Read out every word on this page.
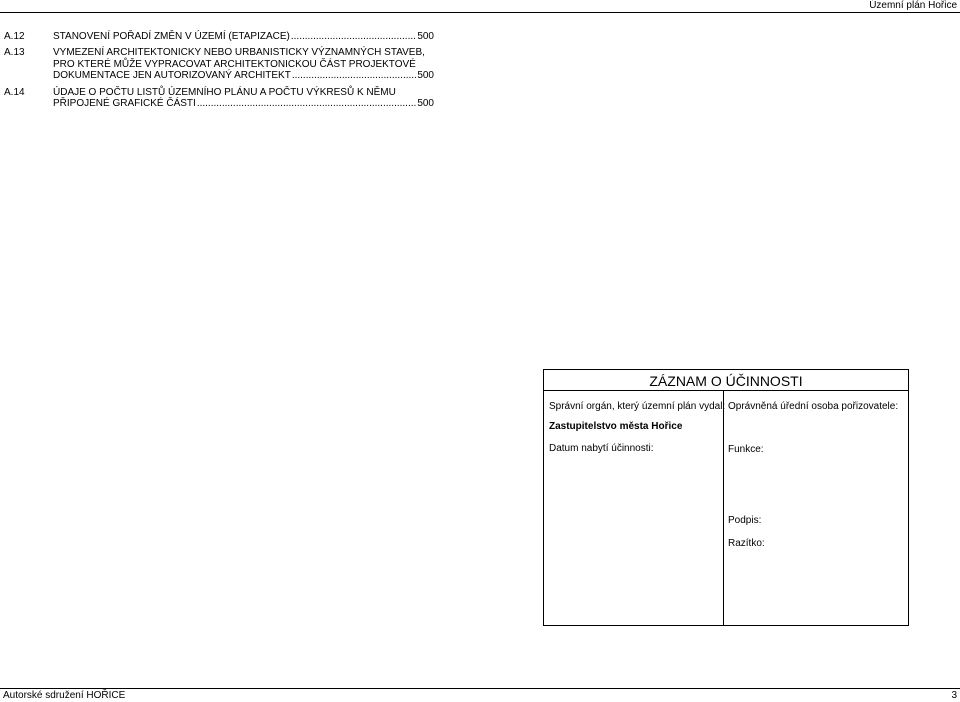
Územní plán Hořice
A.12	STANOVENÍ POŘADÍ ZMĚN V ÚZEMÍ (ETAPIZACE) .....	500
A.13	VYMEZENÍ ARCHITEKTONICKY NEBO URBANISTICKY VÝZNAMNÝCH STAVEB,
PRO KTERÉ MŮŽE VYPRACOVAT ARCHITEKTONICKOU ČÁST PROJEKTOVÉ
DOKUMENTACE JEN AUTORIZOVANÝ ARCHITEKT .....	500
A.14	ÚDAJE O POČTU LISTŮ ÚZEMNÍHO PLÁNU A POČTU VÝKRESŮ K NĚMU
PŘIPOJENÉ GRAFICKÉ ČÁSTI .....	500
ZÁZNAM O ÚČINNOSTI
Správní orgán, který územní plán vydal:
Zastupitelstvo města Hořice
Datum nabytí účinnosti:
Oprávněná úřední osoba pořizovatele:
Funkce:
Podpis:
Razítko:
Autorské sdružení HOŘICE	3
